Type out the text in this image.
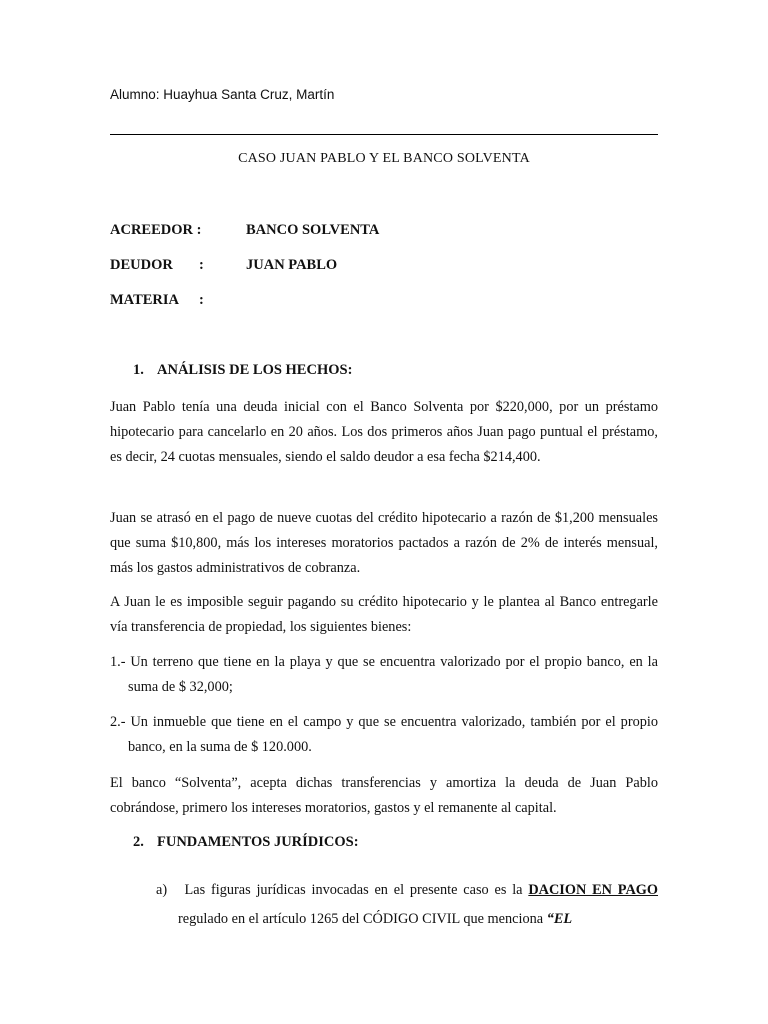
Alumno: Huayhua Santa Cruz, Martín
CASO JUAN PABLO Y EL BANCO SOLVENTA
ACREEDOR :	BANCO SOLVENTA
DEUDOR :	JUAN PABLO
MATERIA :
1. ANÁLISIS DE LOS HECHOS:
Juan Pablo tenía una deuda inicial con el Banco Solventa por $220,000, por un préstamo hipotecario para cancelarlo en 20 años. Los dos primeros años Juan pago puntual el préstamo, es decir, 24 cuotas mensuales, siendo el saldo deudor a esa fecha $214,400.
Juan se atrasó en el pago de nueve cuotas del crédito hipotecario a razón de $1,200 mensuales que suma $10,800, más los intereses moratorios pactados a razón de 2% de interés mensual, más los gastos administrativos de cobranza.
A Juan le es imposible seguir pagando su crédito hipotecario y le plantea al Banco entregarle vía transferencia de propiedad, los siguientes bienes:
1.- Un terreno que tiene en la playa y que se encuentra valorizado por el propio banco, en la suma de $ 32,000;
2.- Un inmueble que tiene en el campo y que se encuentra valorizado, también por el propio banco, en la suma de $ 120.000.
El banco “Solventa”, acepta dichas transferencias y amortiza la deuda de Juan Pablo cobrándose, primero los intereses moratorios, gastos y el remanente al capital.
2. FUNDAMENTOS JURÍDICOS:
a) Las figuras jurídicas invocadas en el presente caso es la DACION EN PAGO regulado en el artículo 1265 del CÓDIGO CIVIL que menciona “EL
